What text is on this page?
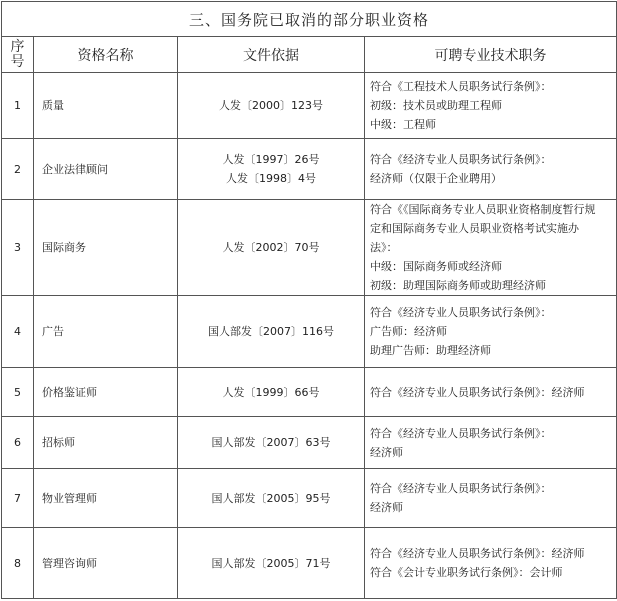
三、国务院已取消的部分职业资格			

序
号	资格名称	文件依据	可聘专业技术职务
1	质量	人发〔2000〕123号	符合《工程技术人员职务试行条例》：
初级：技术员或助理工程师
中级：工程师

2	企业法律顾问	人发〔1997〕26号
人发〔1998〕4号	符合《经济专业人员职务试行条例》：
经济师（仅限于企业聘用）

3	国际商务	人发〔2002〕70号	符合《《国际商务专业人员职业资格制度暂行规
定和国际商务专业人员职业资格考试实施办
法》：
中级：国际商务师或经济师
初级：助理国际商务师或助理经济师

4	广告	国人部发〔2007〕116号	符合《经济专业人员职务试行条例》：
广告师：经济师
助理广告师：助理经济师

5	价格鉴证师	人发〔1999〕66号	符合《经济专业人员职务试行条例》：经济师

6	招标师	国人部发〔2007〕63号	符合《经济专业人员职务试行条例》：
经济师

7	物业管理师	国人部发〔2005〕95号	符合《经济专业人员职务试行条例》：
经济师

8	管理咨询师	国人部发〔2005〕71号	符合《经济专业人员职务试行条例》：经济师
符合《会计专业职务试行条例》：会计师
